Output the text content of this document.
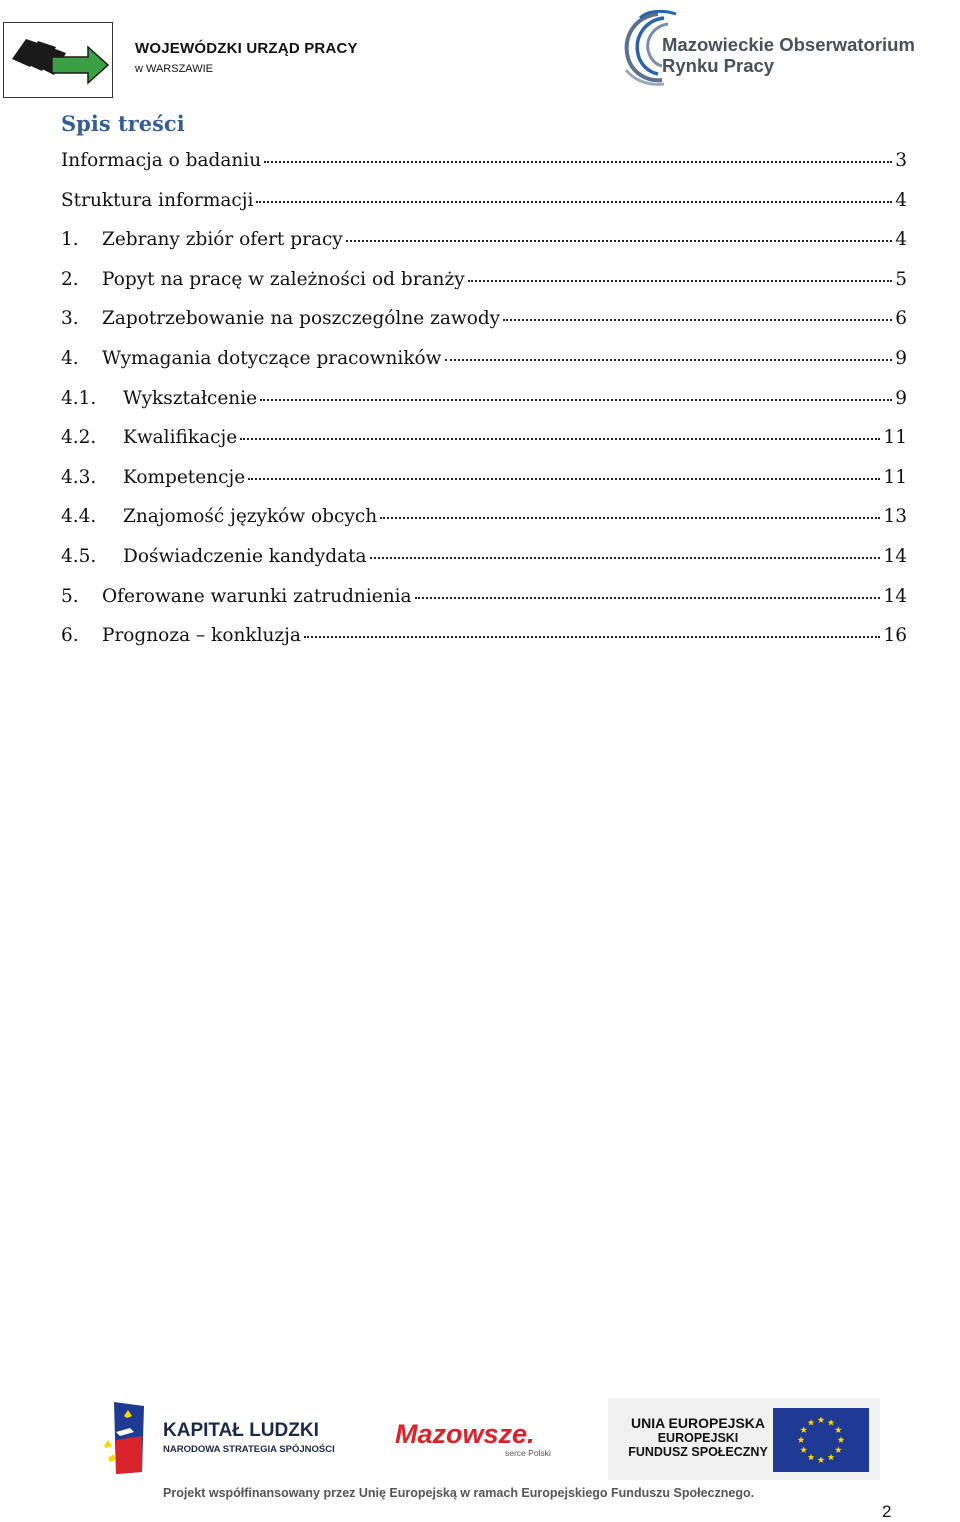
WOJEWÓDZKI URZĄD PRACY
w WARSZAWIE
Mazowieckie Obserwatorium
Rynku Pracy
Spis treści
Informacja o badaniu	3
Struktura informacji	4
1.	Zebrany zbiór ofert pracy	4
2.	Popyt na pracę w zależności od branży	5
3.	Zapotrzebowanie na poszczególne zawody	6
4.	Wymagania dotyczące pracowników	9
4.1.	Wykształcenie	9
4.2.	Kwalifikacje	11
4.3.	Kompetencje	11
4.4.	Znajomość języków obcych	13
4.5.	Doświadczenie kandydata	14
5.	Oferowane warunki zatrudnienia	14
6.	Prognoza – konkluzja	16
KAPITAŁ LUDZKI
NARODOWA STRATEGIA SPÓJNOŚCI
Mazowsze.
serce Polski
UNIA EUROPEJSKA
EUROPEJSKI
FUNDUSZ SPOŁECZNY
Projekt współfinansowany przez Unię Europejską w ramach Europejskiego Funduszu Społecznego.
2
